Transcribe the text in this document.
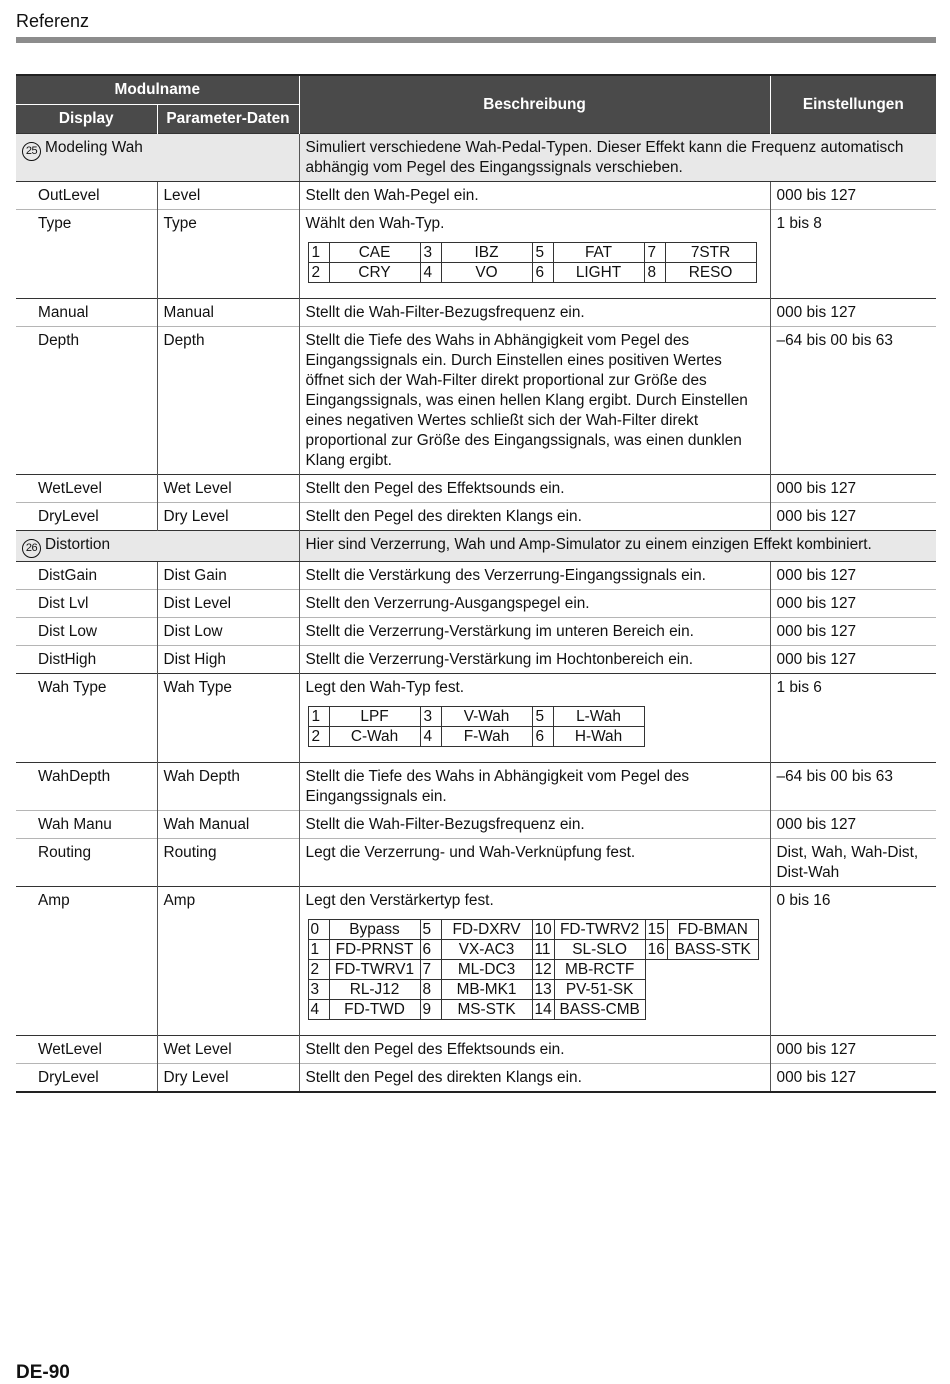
Referenz
Modulname	Beschreibung	Einstellungen
Display	Parameter-Daten
25 Modeling Wah	Simuliert verschiedene Wah-Pedal-Typen. Dieser Effekt kann die Frequenz automatisch abhängig vom Pegel des Eingangssignals verschieben.
OutLevel	Level	Stellt den Wah-Pegel ein.	000 bis 127
Type	Type	Wählt den Wah-Typ.
1	CAE	3	IBZ	5	FAT	7	7STR
2	CRY	4	VO	6	LIGHT	8	RESO
	1 bis 8
Manual	Manual	Stellt die Wah-Filter-Bezugsfrequenz ein.	000 bis 127
Depth	Depth	Stellt die Tiefe des Wahs in Abhängigkeit vom Pegel des Eingangssignals ein. Durch Einstellen eines positiven Wertes öffnet sich der Wah-Filter direkt proportional zur Größe des Eingangssignals, was einen hellen Klang ergibt. Durch Einstellen eines negativen Wertes schließt sich der Wah-Filter direkt proportional zur Größe des Eingangssignals, was einen dunklen Klang ergibt.	–64 bis 00 bis 63
WetLevel	Wet Level	Stellt den Pegel des Effektsounds ein.	000 bis 127
DryLevel	Dry Level	Stellt den Pegel des direkten Klangs ein.	000 bis 127
26 Distortion	Hier sind Verzerrung, Wah und Amp-Simulator zu einem einzigen Effekt kombiniert.
DistGain	Dist Gain	Stellt die Verstärkung des Verzerrung-Eingangssignals ein.	000 bis 127
Dist Lvl	Dist Level	Stellt den Verzerrung-Ausgangspegel ein.	000 bis 127
Dist Low	Dist Low	Stellt die Verzerrung-Verstärkung im unteren Bereich ein.	000 bis 127
DistHigh	Dist High	Stellt die Verzerrung-Verstärkung im Hochtonbereich ein.	000 bis 127
Wah Type	Wah Type	Legt den Wah-Typ fest.
1	LPF	3	V-Wah	5	L-Wah
2	C-Wah	4	F-Wah	6	H-Wah
	1 bis 6
WahDepth	Wah Depth	Stellt die Tiefe des Wahs in Abhängigkeit vom Pegel des Eingangssignals ein.	–64 bis 00 bis 63
Wah Manu	Wah Manual	Stellt die Wah-Filter-Bezugsfrequenz ein.	000 bis 127
Routing	Routing	Legt die Verzerrung- und Wah-Verknüpfung fest.	Dist, Wah, Wah-Dist, Dist-Wah
Amp	Amp	Legt den Verstärkertyp fest.
0	Bypass	5	FD-DXRV	10	FD-TWRV2	15	FD-BMAN
1	FD-PRNST	6	VX-AC3	11	SL-SLO	16	BASS-STK
2	FD-TWRV1	7	ML-DC3	12	MB-RCTF		
3	RL-J12	8	MB-MK1	13	PV-51-SK		
4	FD-TWD	9	MS-STK	14	BASS-CMB		
	0 bis 16
WetLevel	Wet Level	Stellt den Pegel des Effektsounds ein.	000 bis 127
DryLevel	Dry Level	Stellt den Pegel des direkten Klangs ein.	000 bis 127
DE-90
